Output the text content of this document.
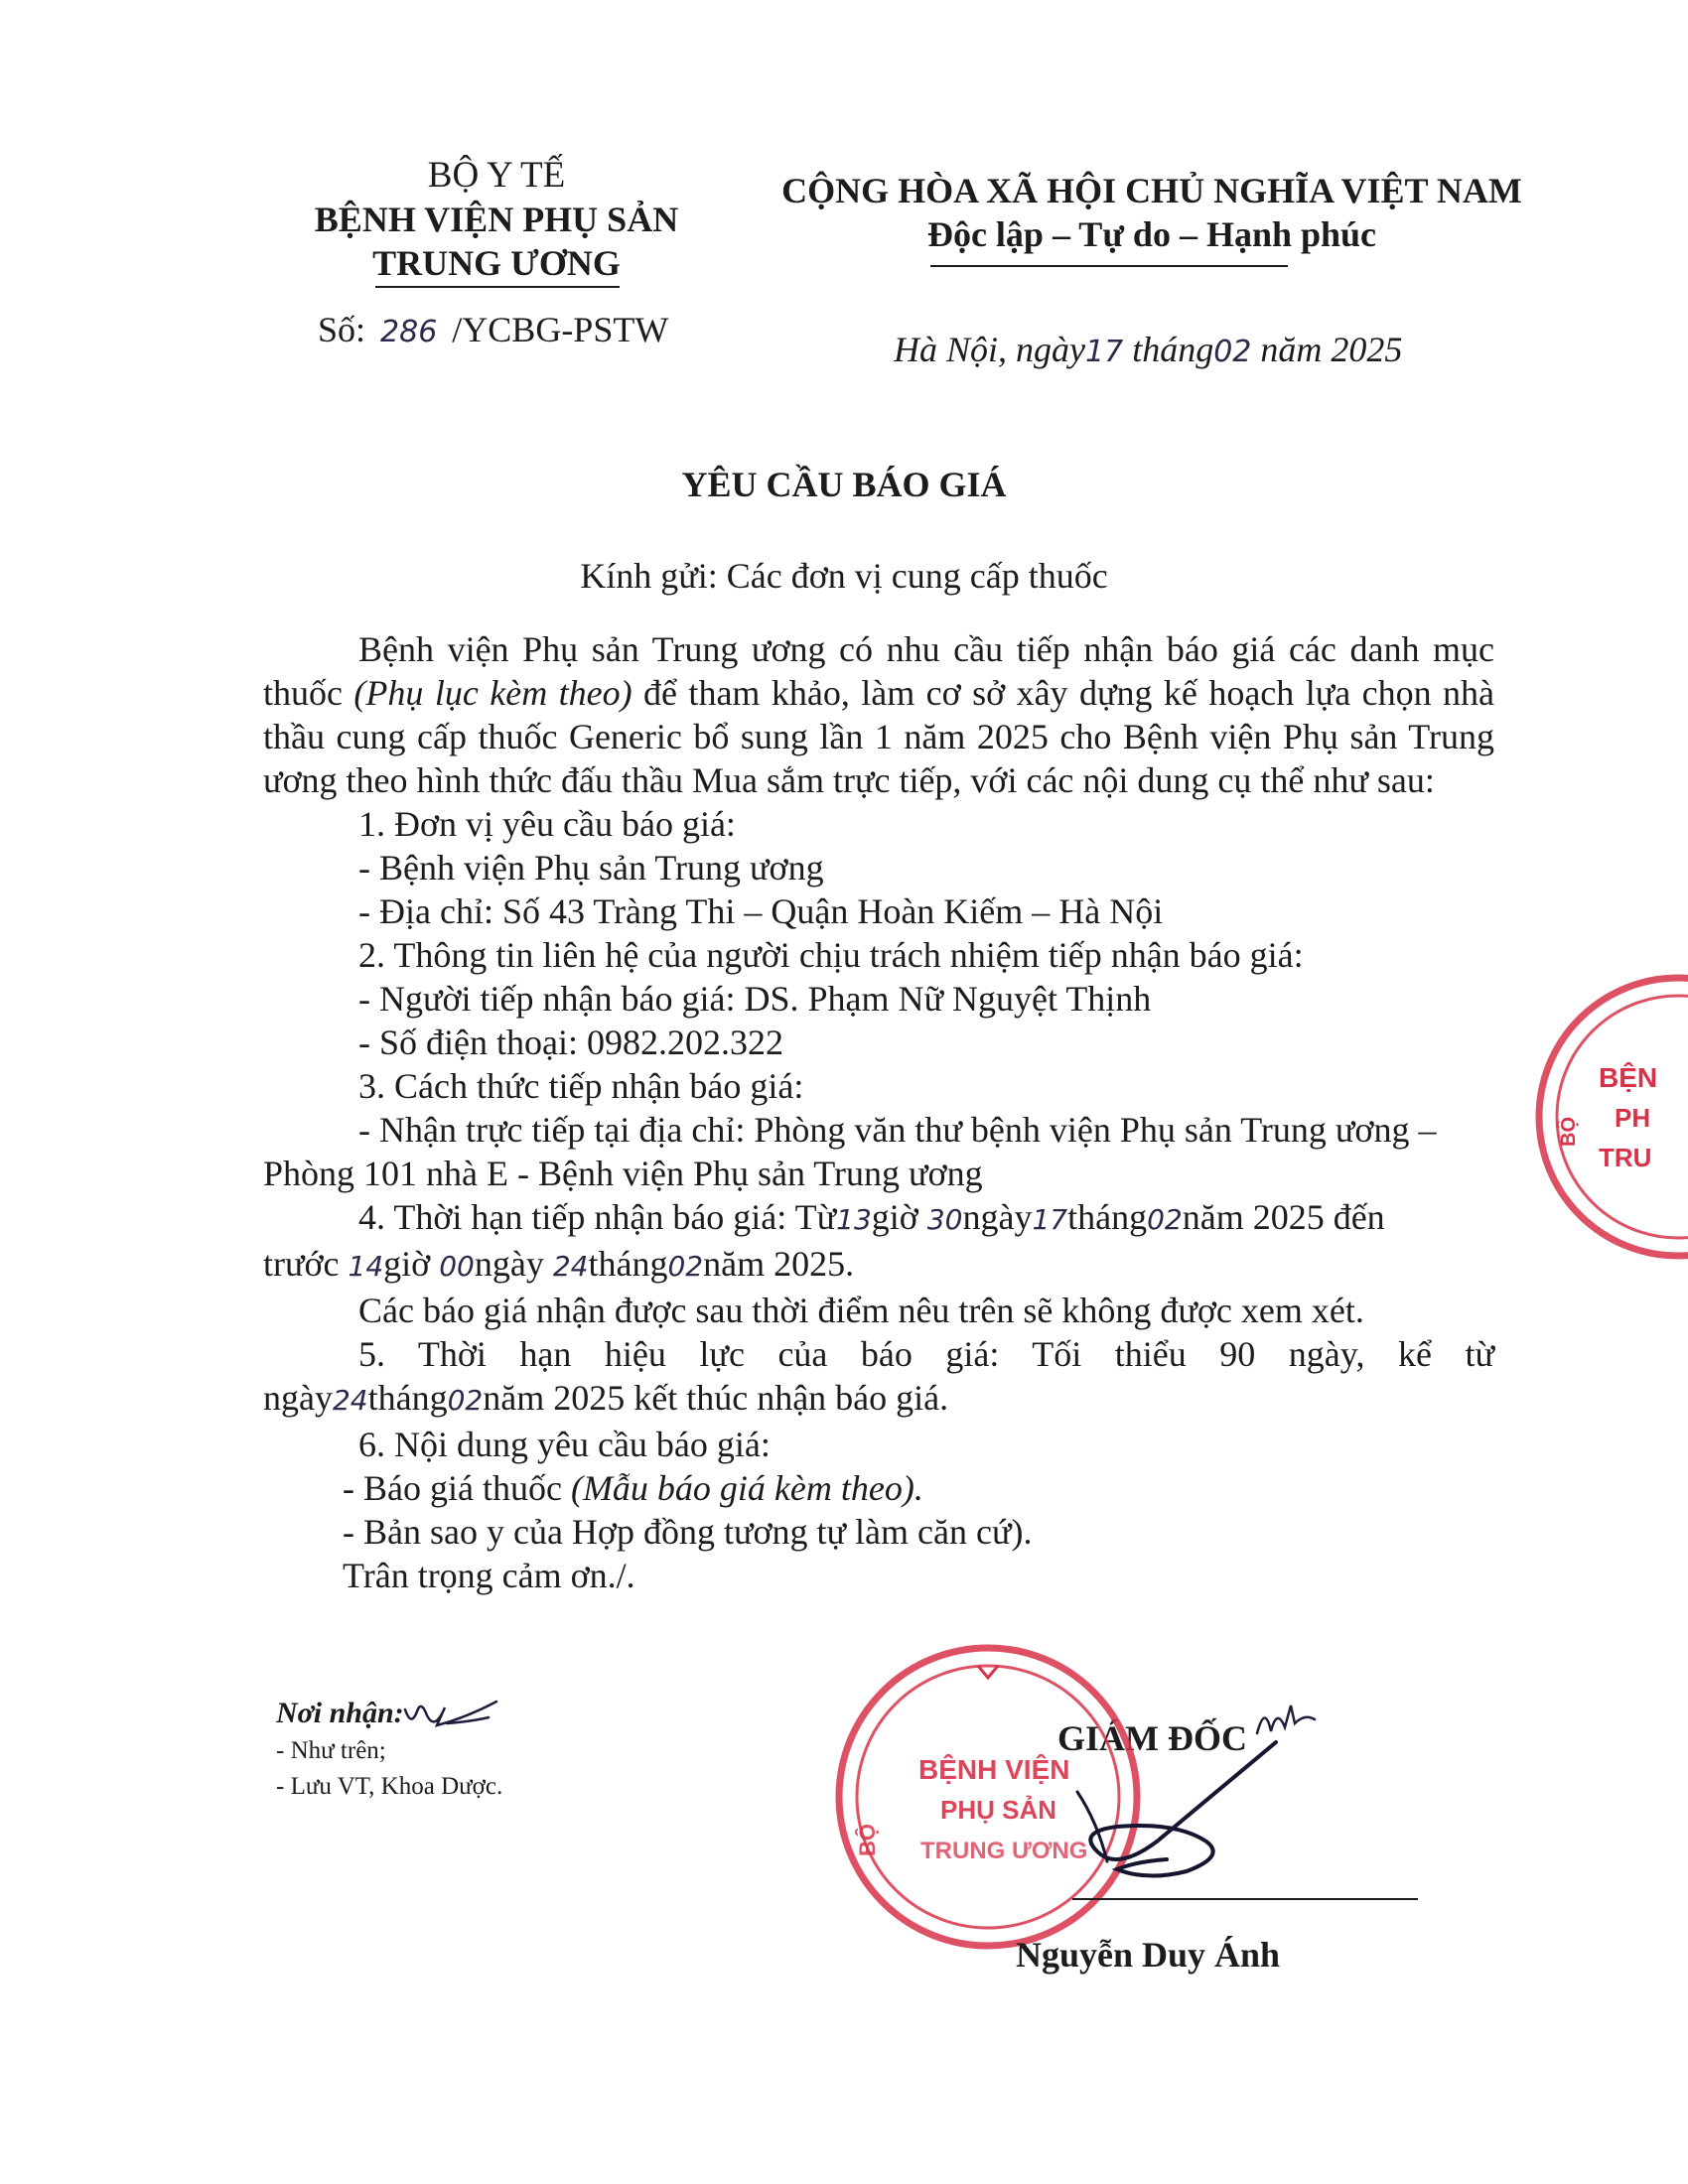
BỘ Y TẾ
BỆNH VIỆN PHỤ SẢN
TRUNG ƯƠNG
Số: 286 /YCBG-PSTW
CỘNG HÒA XÃ HỘI CHỦ NGHĨA VIỆT NAM
Độc lập – Tự do – Hạnh phúc
Hà Nội, ngày17 tháng02 năm 2025
YÊU CẦU BÁO GIÁ
Kính gửi: Các đơn vị cung cấp thuốc
Bệnh viện Phụ sản Trung ương có nhu cầu tiếp nhận báo giá các danh mục
thuốc (Phụ lục kèm theo) để tham khảo, làm cơ sở xây dựng kế hoạch lựa chọn nhà
thầu cung cấp thuốc Generic bổ sung lần 1 năm 2025 cho Bệnh viện Phụ sản Trung
ương theo hình thức đấu thầu Mua sắm trực tiếp, với các nội dung cụ thể như sau:
1. Đơn vị yêu cầu báo giá:
- Bệnh viện Phụ sản Trung ương
- Địa chỉ: Số 43 Tràng Thi – Quận Hoàn Kiếm – Hà Nội
2. Thông tin liên hệ của người chịu trách nhiệm tiếp nhận báo giá:
- Người tiếp nhận báo giá: DS. Phạm Nữ Nguyệt Thịnh
- Số điện thoại: 0982.202.322
3. Cách thức tiếp nhận báo giá:
- Nhận trực tiếp tại địa chỉ: Phòng văn thư bệnh viện Phụ sản Trung ương –
Phòng 101 nhà E - Bệnh viện Phụ sản Trung ương
4. Thời hạn tiếp nhận báo giá: Từ13giờ 30ngày17tháng02năm 2025 đến
trước 14giờ 00ngày 24tháng02năm 2025.
Các báo giá nhận được sau thời điểm nêu trên sẽ không được xem xét.
5. Thời hạn hiệu lực của báo giá: Tối thiểu 90 ngày, kể từ
ngày24tháng02năm 2025 kết thúc nhận báo giá.
6. Nội dung yêu cầu báo giá:
- Báo giá thuốc (Mẫu báo giá kèm theo).
- Bản sao y của Hợp đồng tương tự làm căn cứ).
Trân trọng cảm ơn./.
Nơi nhận:
- Như trên;
- Lưu VT, Khoa Dược.
GIÁM ĐỐC
BỆNH VIỆN
PHỤ SẢN
TRUNG ƯƠNG
BỘ
Nguyễn Duy Ánh
BỆN
PH
TRU
BỘ
